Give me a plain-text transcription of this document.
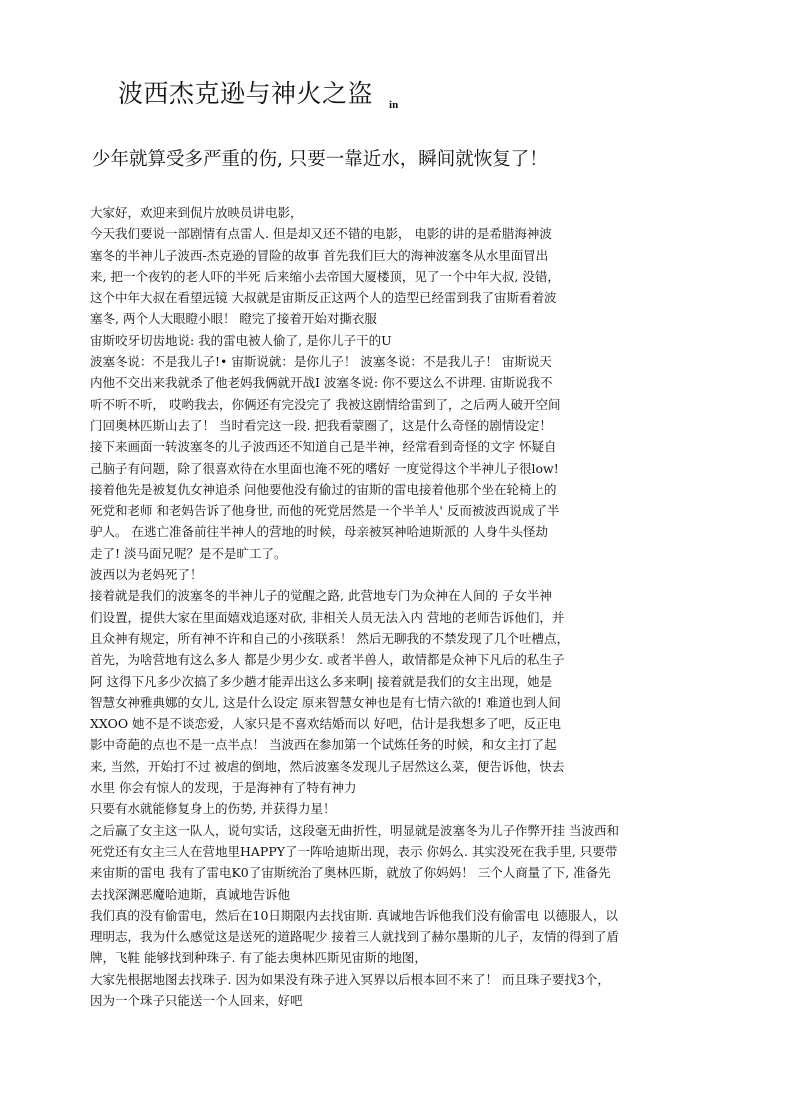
波西杰克逊与神火之盗 $_{in}$
少年就算受多严重的伤, 只要一靠近水，瞬间就恢复了！
大家好，欢迎来到侃片放映员讲电影，
今天我们要说一部剧情有点雷人. 但是却又还不错的电影， 电影的讲的是希腊海神波
塞冬的半神儿子波西-杰克逊的冒险的故事 首先我们巨大的海神波塞冬从水里面冒出
来, 把一个夜钓的老人吓的半死 后来缩小去帝国大厦楼顶，见了一个中年大叔, 没错，
这个中年大叔在看望远镜 大叔就是宙斯反正这两个人的造型已经雷到我了宙斯看着波
塞冬, 两个人大眼瞪小眼！ 瞪完了接着开始对撕衣服
宙斯咬牙切齿地说: 我的雷电被人偷了, 是你儿子干的U
波塞冬说：不是我儿子!• 宙斯说就：是你儿子！ 波塞冬说：不是我儿子！ 宙斯说天
内他不交出来我就杀了他老妈我俩就开战I 波塞冬说: 你不要这么不讲理. 宙斯说我不
听不听不听， 哎哟我去，你俩还有完没完了 我被这剧情给雷到了，之后两人破开空间
门回奥林匹斯山去了！ 当时看完这一段. 把我看蒙圈了，这是什么奇怪的剧情设定！
接下来画面一转波塞冬的儿子波西还不知道自己是半神，经常看到奇怪的文字 怀疑自
己脑子有问题，除了很喜欢待在水里面也淹不死的嗜好 一度觉得这个半神儿子很low!
接着他先是被复仇女神追杀 问他要他没有偷过的宙斯的雷电接着他那个坐在轮椅上的
死党和老师 和老妈告诉了他身世, 而他的死党居然是一个半羊人' 反而被波西说成了半
驴人。 在逃亡准备前往半神人的营地的时候，母亲被冥神哈迪斯派的 人身牛头怪劫
走了! 淡马面兄呢？是不是旷工了。
波西以为老妈死了！
接着就是我们的波塞冬的半神儿子的觉醒之路, 此营地专门为众神在人间的 子女半神
们设置，提供大家在里面嬉戏追逐对砍, 非相关人员无法入内 营地的老师告诉他们，并
且众神有规定，所有神不许和自己的小孩联系！ 然后无聊我的不禁发现了几个吐槽点，
首先，为啥营地有这么多人 都是少男少女. 或者半兽人，敢情都是众神下凡后的私生子
阿 这得下凡多少次搞了多少趟才能弄出这么多来啊| 接着就是我们的女主出现，她是
智慧女神雅典娜的女儿, 这是什么设定 原来智慧女神也是有七情六欲的! 难道也到人间
XXOO 她不是不谈恋爱，人家只是不喜欢结婚而以 好吧，估计是我想多了吧，反正电
影中奇葩的点也不是一点半点！ 当波西在参加第一个试炼任务的时候，和女主打了起
来, 当然，开始打不过 被虐的倒地，然后波塞冬发现儿子居然这么菜，便告诉他，快去
水里 你会有惊人的发现，于是海神有了特有神力
只要有水就能修复身上的伤势, 并获得力星！
之后赢了女主这一队人，说句实话，这段毫无曲折性，明显就是波塞冬为儿子作弊开挂 当波西和
死党还有女主三人在营地里HAPPY了一阵哈迪斯出现，表示 你妈么. 其实没死在我手里, 只要带
来宙斯的雷电 我有了雷电K0了宙斯统治了奥林匹斯，就放了你妈妈！ 三个人商量了下, 准备先
去找深渊恶魔哈迪斯，真诚地告诉他
我们真的没有偷雷电，然后在10日期限内去找宙斯. 真诚地告诉他我们没有偷雷电 以德服人，以
理明志，我为什么感觉这是送死的道路呢少 接着三人就找到了赫尔墨斯的儿子，友情的得到了盾
牌，飞鞋 能够找到种珠子. 有了能去奥林匹斯见宙斯的地图，
大家先根据地图去找珠子. 因为如果没有珠子进入冥界以后根本回不来了！ 而且珠子要找3个，
因为一个珠子只能送一个人回来，好吧
